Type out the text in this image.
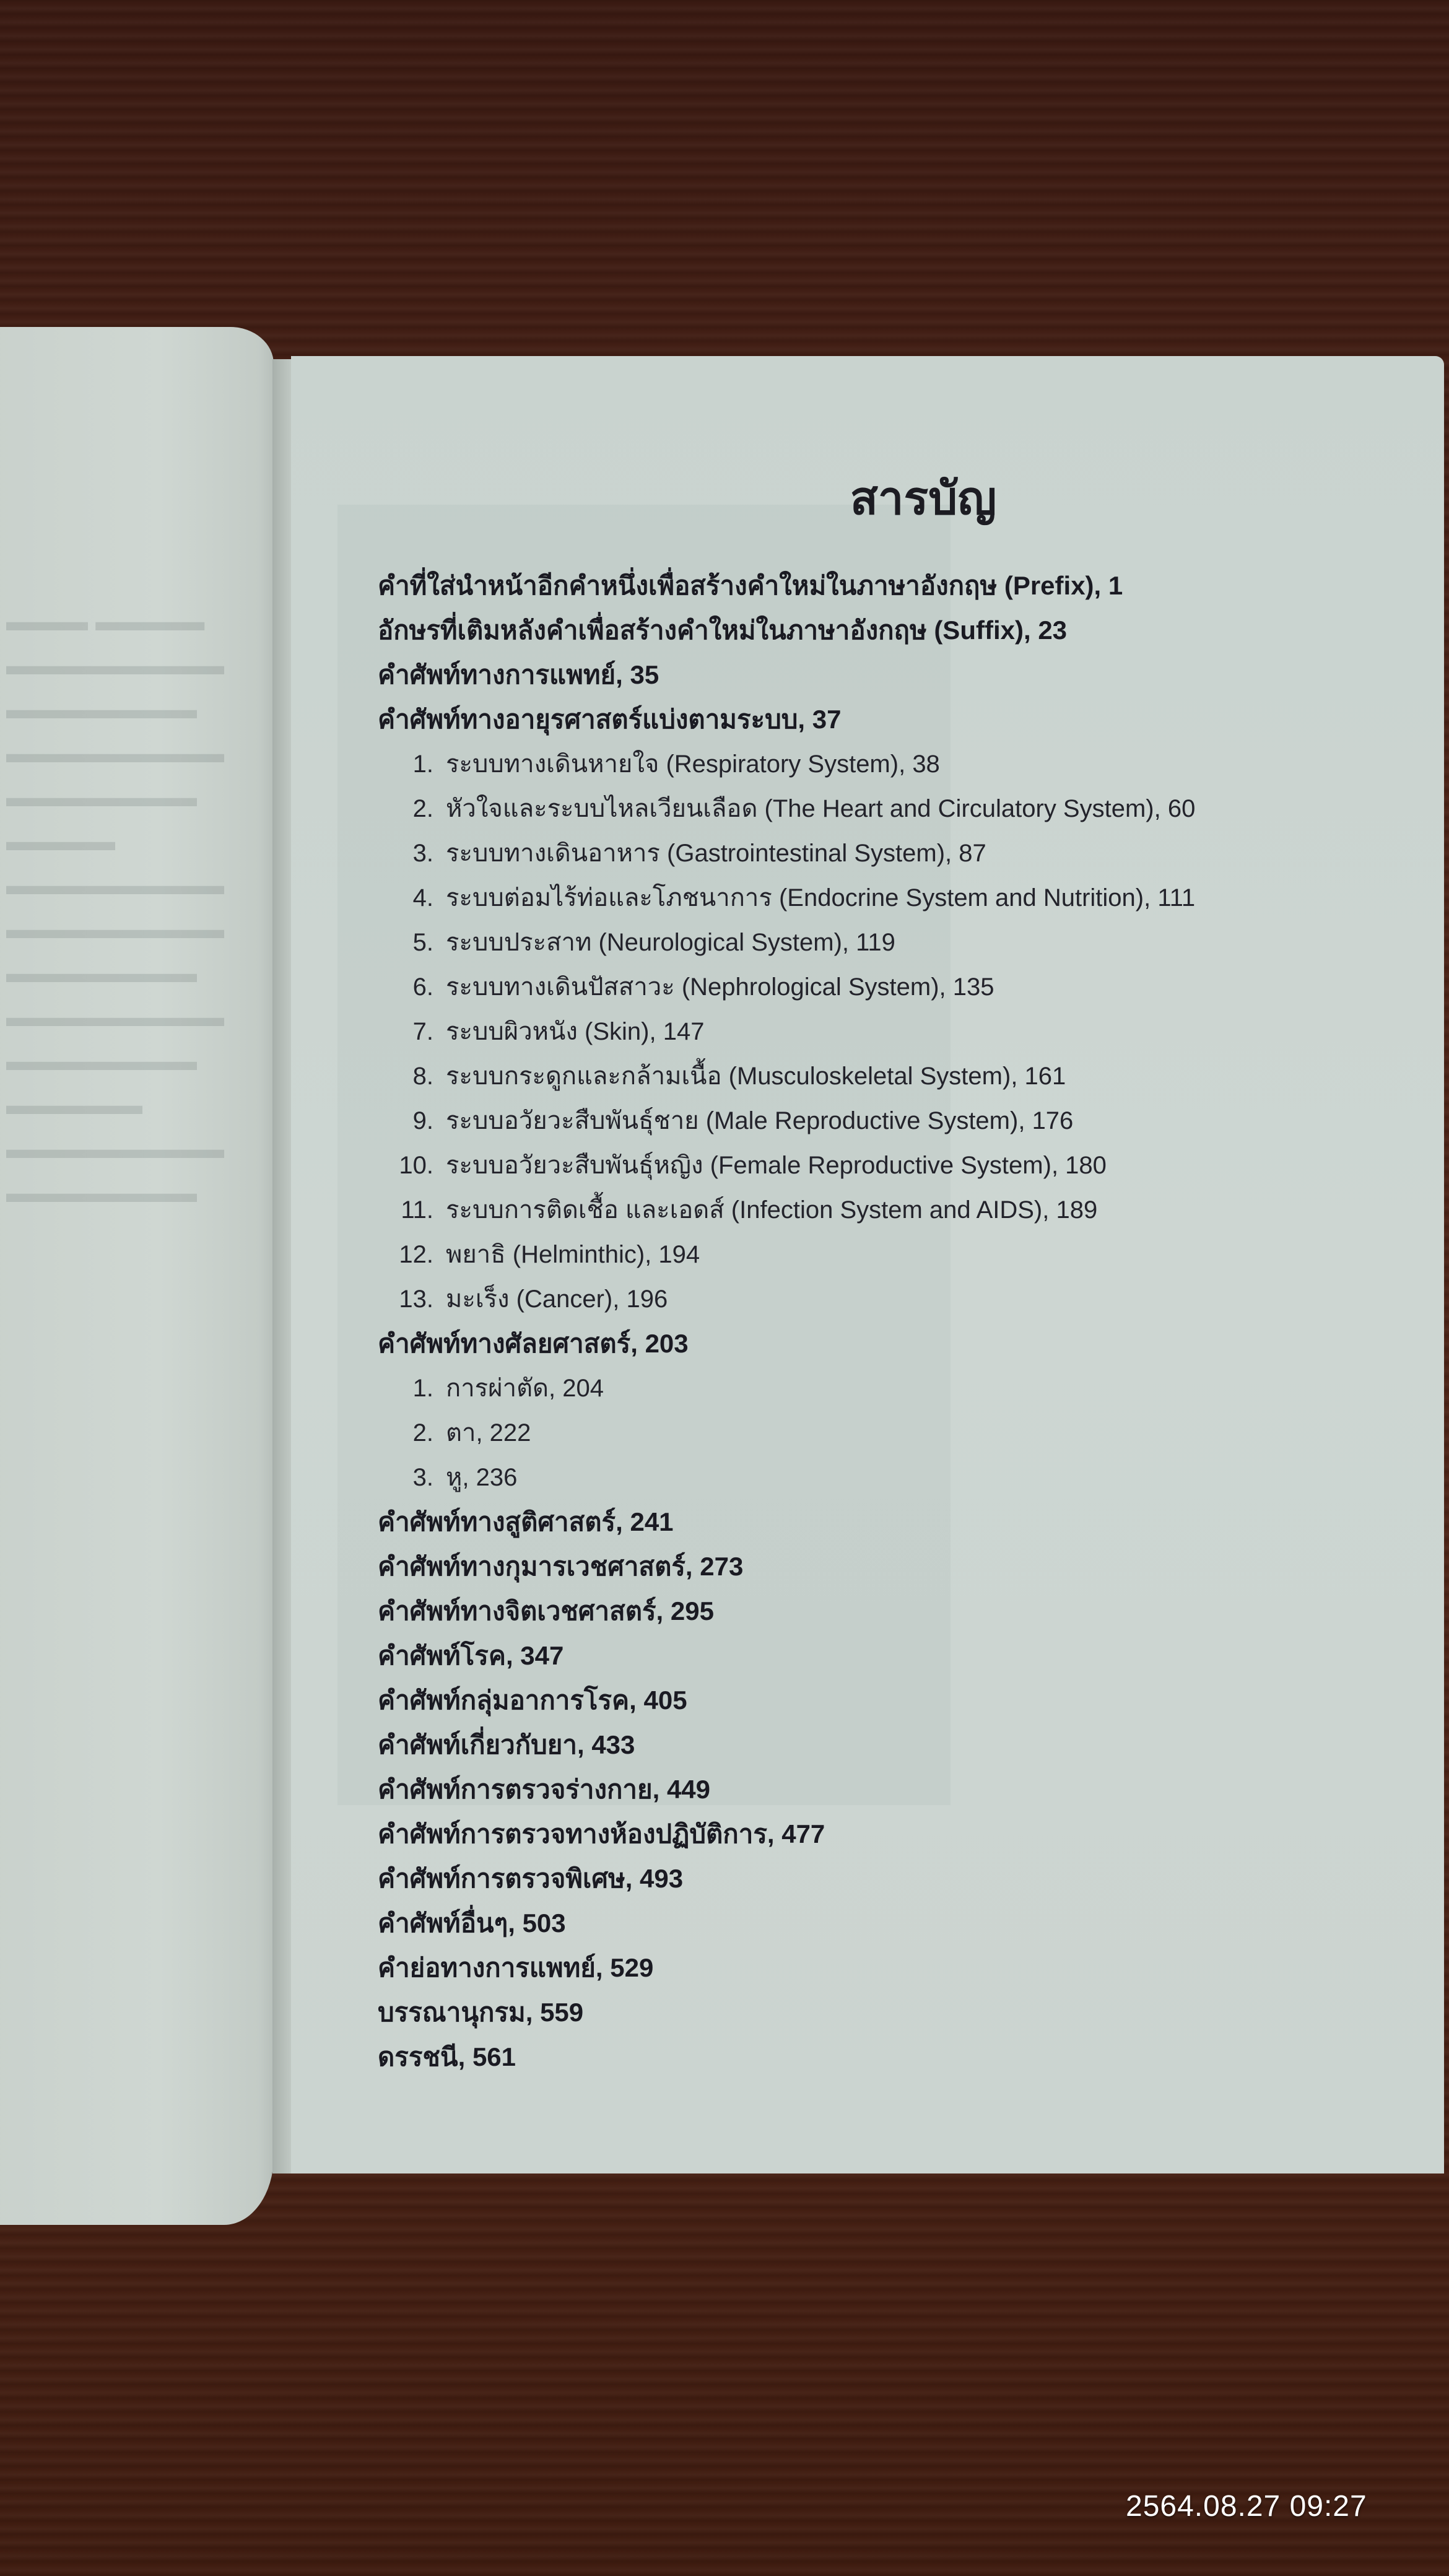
▬▬▬ ▬▬▬▬
▬▬▬▬▬▬▬▬
▬▬▬▬▬▬▬
▬▬▬▬▬▬▬▬
▬▬▬▬▬▬▬
▬▬▬▬
▬▬▬▬▬▬▬▬
▬▬▬▬▬▬▬▬
▬▬▬▬▬▬▬
▬▬▬▬▬▬▬▬
▬▬▬▬▬▬▬
▬▬▬▬▬
▬▬▬▬▬▬▬▬
▬▬▬▬▬▬▬
สารบัญ
คำที่ใส่นำหน้าอีกคำหนึ่งเพื่อสร้างคำใหม่ในภาษาอังกฤษ (Prefix), 1
อักษรที่เติมหลังคำเพื่อสร้างคำใหม่ในภาษาอังกฤษ (Suffix), 23
คำศัพท์ทางการแพทย์, 35
คำศัพท์ทางอายุรศาสตร์แบ่งตามระบบ, 37
1. ระบบทางเดินหายใจ (Respiratory System), 38
2. หัวใจและระบบไหลเวียนเลือด (The Heart and Circulatory System), 60
3. ระบบทางเดินอาหาร (Gastrointestinal System), 87
4. ระบบต่อมไร้ท่อและโภชนาการ (Endocrine System and Nutrition), 111
5. ระบบประสาท (Neurological System), 119
6. ระบบทางเดินปัสสาวะ (Nephrological System), 135
7. ระบบผิวหนัง (Skin), 147
8. ระบบกระดูกและกล้ามเนื้อ (Musculoskeletal System), 161
9. ระบบอวัยวะสืบพันธุ์ชาย (Male Reproductive System), 176
10. ระบบอวัยวะสืบพันธุ์หญิง (Female Reproductive System), 180
11. ระบบการติดเชื้อ และเอดส์ (Infection System and AIDS), 189
12. พยาธิ (Helminthic), 194
13. มะเร็ง (Cancer), 196
คำศัพท์ทางศัลยศาสตร์, 203
1. การผ่าตัด, 204
2. ตา, 222
3. หู, 236
คำศัพท์ทางสูติศาสตร์, 241
คำศัพท์ทางกุมารเวชศาสตร์, 273
คำศัพท์ทางจิตเวชศาสตร์, 295
คำศัพท์โรค, 347
คำศัพท์กลุ่มอาการโรค, 405
คำศัพท์เกี่ยวกับยา, 433
คำศัพท์การตรวจร่างกาย, 449
คำศัพท์การตรวจทางห้องปฏิบัติการ, 477
คำศัพท์การตรวจพิเศษ, 493
คำศัพท์อื่นๆ, 503
คำย่อทางการแพทย์, 529
บรรณานุกรม, 559
ดรรชนี, 561
2564.08.27 09:27
